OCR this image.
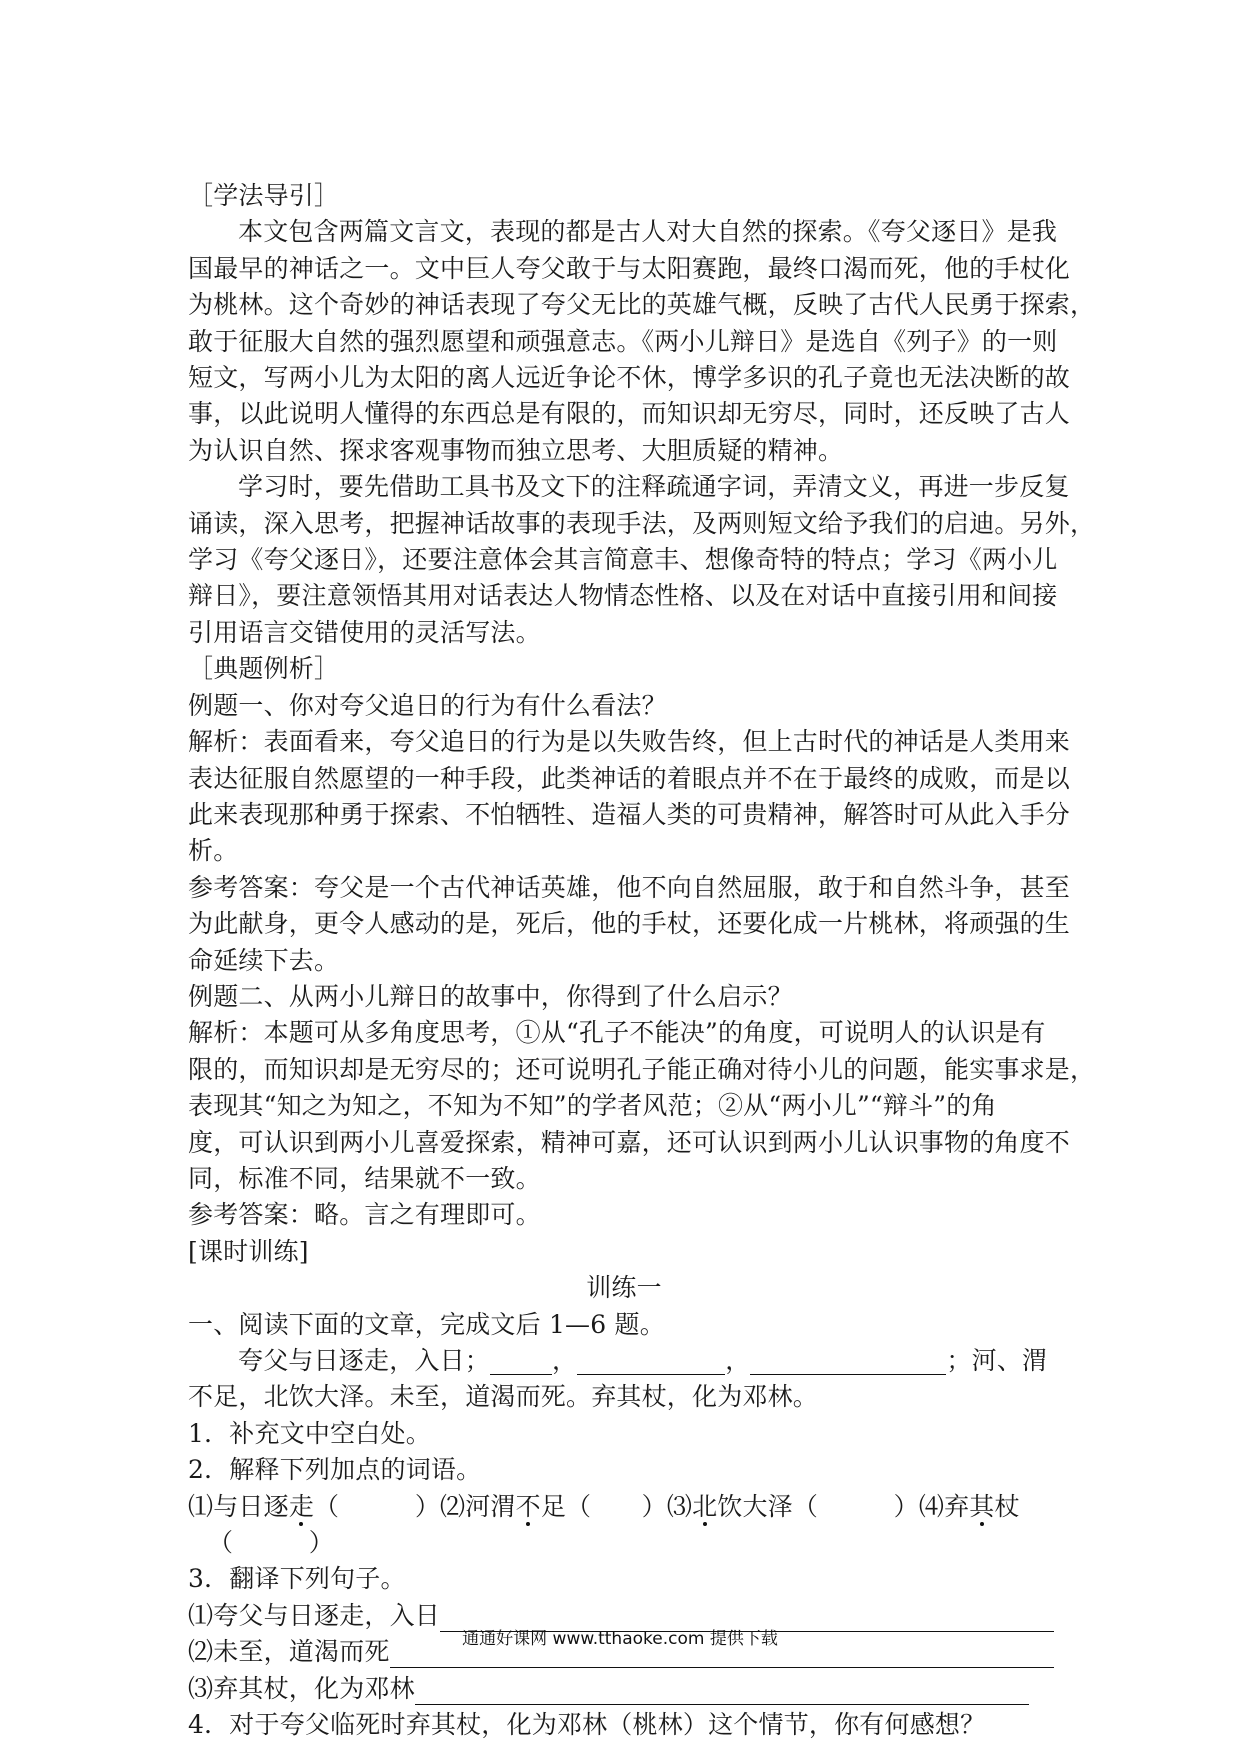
［学法导引］
本文包含两篇文言文，表现的都是古人对大自然的探索。《夸父逐日》是我
国最早的神话之一。文中巨人夸父敢于与太阳赛跑，最终口渴而死，他的手杖化
为桃林。这个奇妙的神话表现了夸父无比的英雄气概，反映了古代人民勇于探索，
敢于征服大自然的强烈愿望和顽强意志。《两小儿辩日》是选自《列子》的一则
短文，写两小儿为太阳的离人远近争论不休，博学多识的孔子竟也无法决断的故
事，以此说明人懂得的东西总是有限的，而知识却无穷尽，同时，还反映了古人
为认识自然、探求客观事物而独立思考、大胆质疑的精神。
学习时，要先借助工具书及文下的注释疏通字词，弄清文义，再进一步反复
诵读，深入思考，把握神话故事的表现手法，及两则短文给予我们的启迪。另外，
学习《夸父逐日》，还要注意体会其言简意丰、想像奇特的特点；学习《两小儿
辩日》，要注意领悟其用对话表达人物情态性格、以及在对话中直接引用和间接
引用语言交错使用的灵活写法。
［典题例析］
例题一、你对夸父追日的行为有什么看法？
解析：表面看来，夸父追日的行为是以失败告终，但上古时代的神话是人类用来
表达征服自然愿望的一种手段，此类神话的着眼点并不在于最终的成败，而是以
此来表现那种勇于探索、不怕牺牲、造福人类的可贵精神，解答时可从此入手分
析。
参考答案：夸父是一个古代神话英雄，他不向自然屈服，敢于和自然斗争，甚至
为此献身，更令人感动的是，死后，他的手杖，还要化成一片桃林，将顽强的生
命延续下去。
例题二、从两小儿辩日的故事中，你得到了什么启示？
解析：本题可从多角度思考，①从“孔子不能决”的角度，可说明人的认识是有
限的，而知识却是无穷尽的；还可说明孔子能正确对待小儿的问题，能实事求是，
表现其“知之为知之，不知为不知”的学者风范；②从“两小儿”“辩斗”的角
度，可认识到两小儿喜爱探索，精神可嘉，还可认识到两小儿认识事物的角度不
同，标准不同，结果就不一致。
参考答案：略。言之有理即可。
[课时训练]
训练一
一、阅读下面的文章，完成文后 1—6 题。
夸父与日逐走，入日； ，	，	；河、渭
不足，北饮大泽。未至，道渴而死。弃其杖，化为邓林。
1．补充文中空白处。
2．解释下列加点的词语。
⑴与日逐走（　　　）⑵河渭不足（　　）⑶北饮大泽（　　　）⑷弃其杖
（　　　）
3．翻译下列句子。
⑴夸父与日逐走，入日
⑵未至，道渴而死
⑶弃其杖，化为邓林
4．对于夸父临死时弃其杖，化为邓林（桃林）这个情节，你有何感想？
通通好课网 www.tthaoke.com 提供下载
